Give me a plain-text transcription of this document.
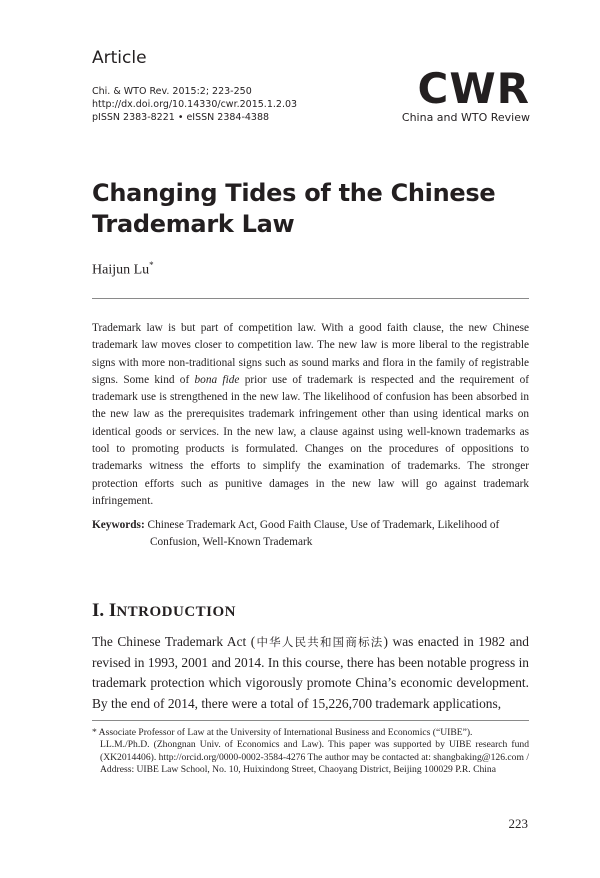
Article
Chi. & WTO Rev. 2015:2; 223-250
http://dx.doi.org/10.14330/cwr.2015.1.2.03
pISSN 2383-8221 • eISSN 2384-4388
CWR
China and WTO Review
Changing Tides of the Chinese Trademark Law
Haijun Lu*
Trademark law is but part of competition law. With a good faith clause, the new Chinese trademark law moves closer to competition law. The new law is more liberal to the registrable signs with more non-traditional signs such as sound marks and flora in the family of registrable signs. Some kind of bona fide prior use of trademark is respected and the requirement of trademark use is strengthened in the new law. The likelihood of confusion has been absorbed in the new law as the prerequisites trademark infringement other than using identical marks on identical goods or services. In the new law, a clause against using well-known trademarks as tool to promoting products is formulated. Changes on the procedures of oppositions to trademarks witness the efforts to simplify the examination of trademarks. The stronger protection efforts such as punitive damages in the new law will go against trademark infringement.
Keywords: Chinese Trademark Act, Good Faith Clause, Use of Trademark, Likelihood of
Confusion, Well-Known Trademark
I. INTRODUCTION
The Chinese Trademark Act (中华人民共和国商标法) was enacted in 1982 and revised in 1993, 2001 and 2014. In this course, there has been notable progress in trademark protection which vigorously promote China’s economic development. By the end of 2014, there were a total of 15,226,700 trademark applications,
* Associate Professor of Law at the University of International Business and Economics (“UIBE”).
LL.M./Ph.D. (Zhongnan Univ. of Economics and Law). This paper was supported by UIBE research fund (XK2014406). http://orcid.org/0000-0002-3584-4276 The author may be contacted at: shangbaking@126.com / Address: UIBE Law School, No. 10, Huixindong Street, Chaoyang District, Beijing 100029 P.R. China
223
